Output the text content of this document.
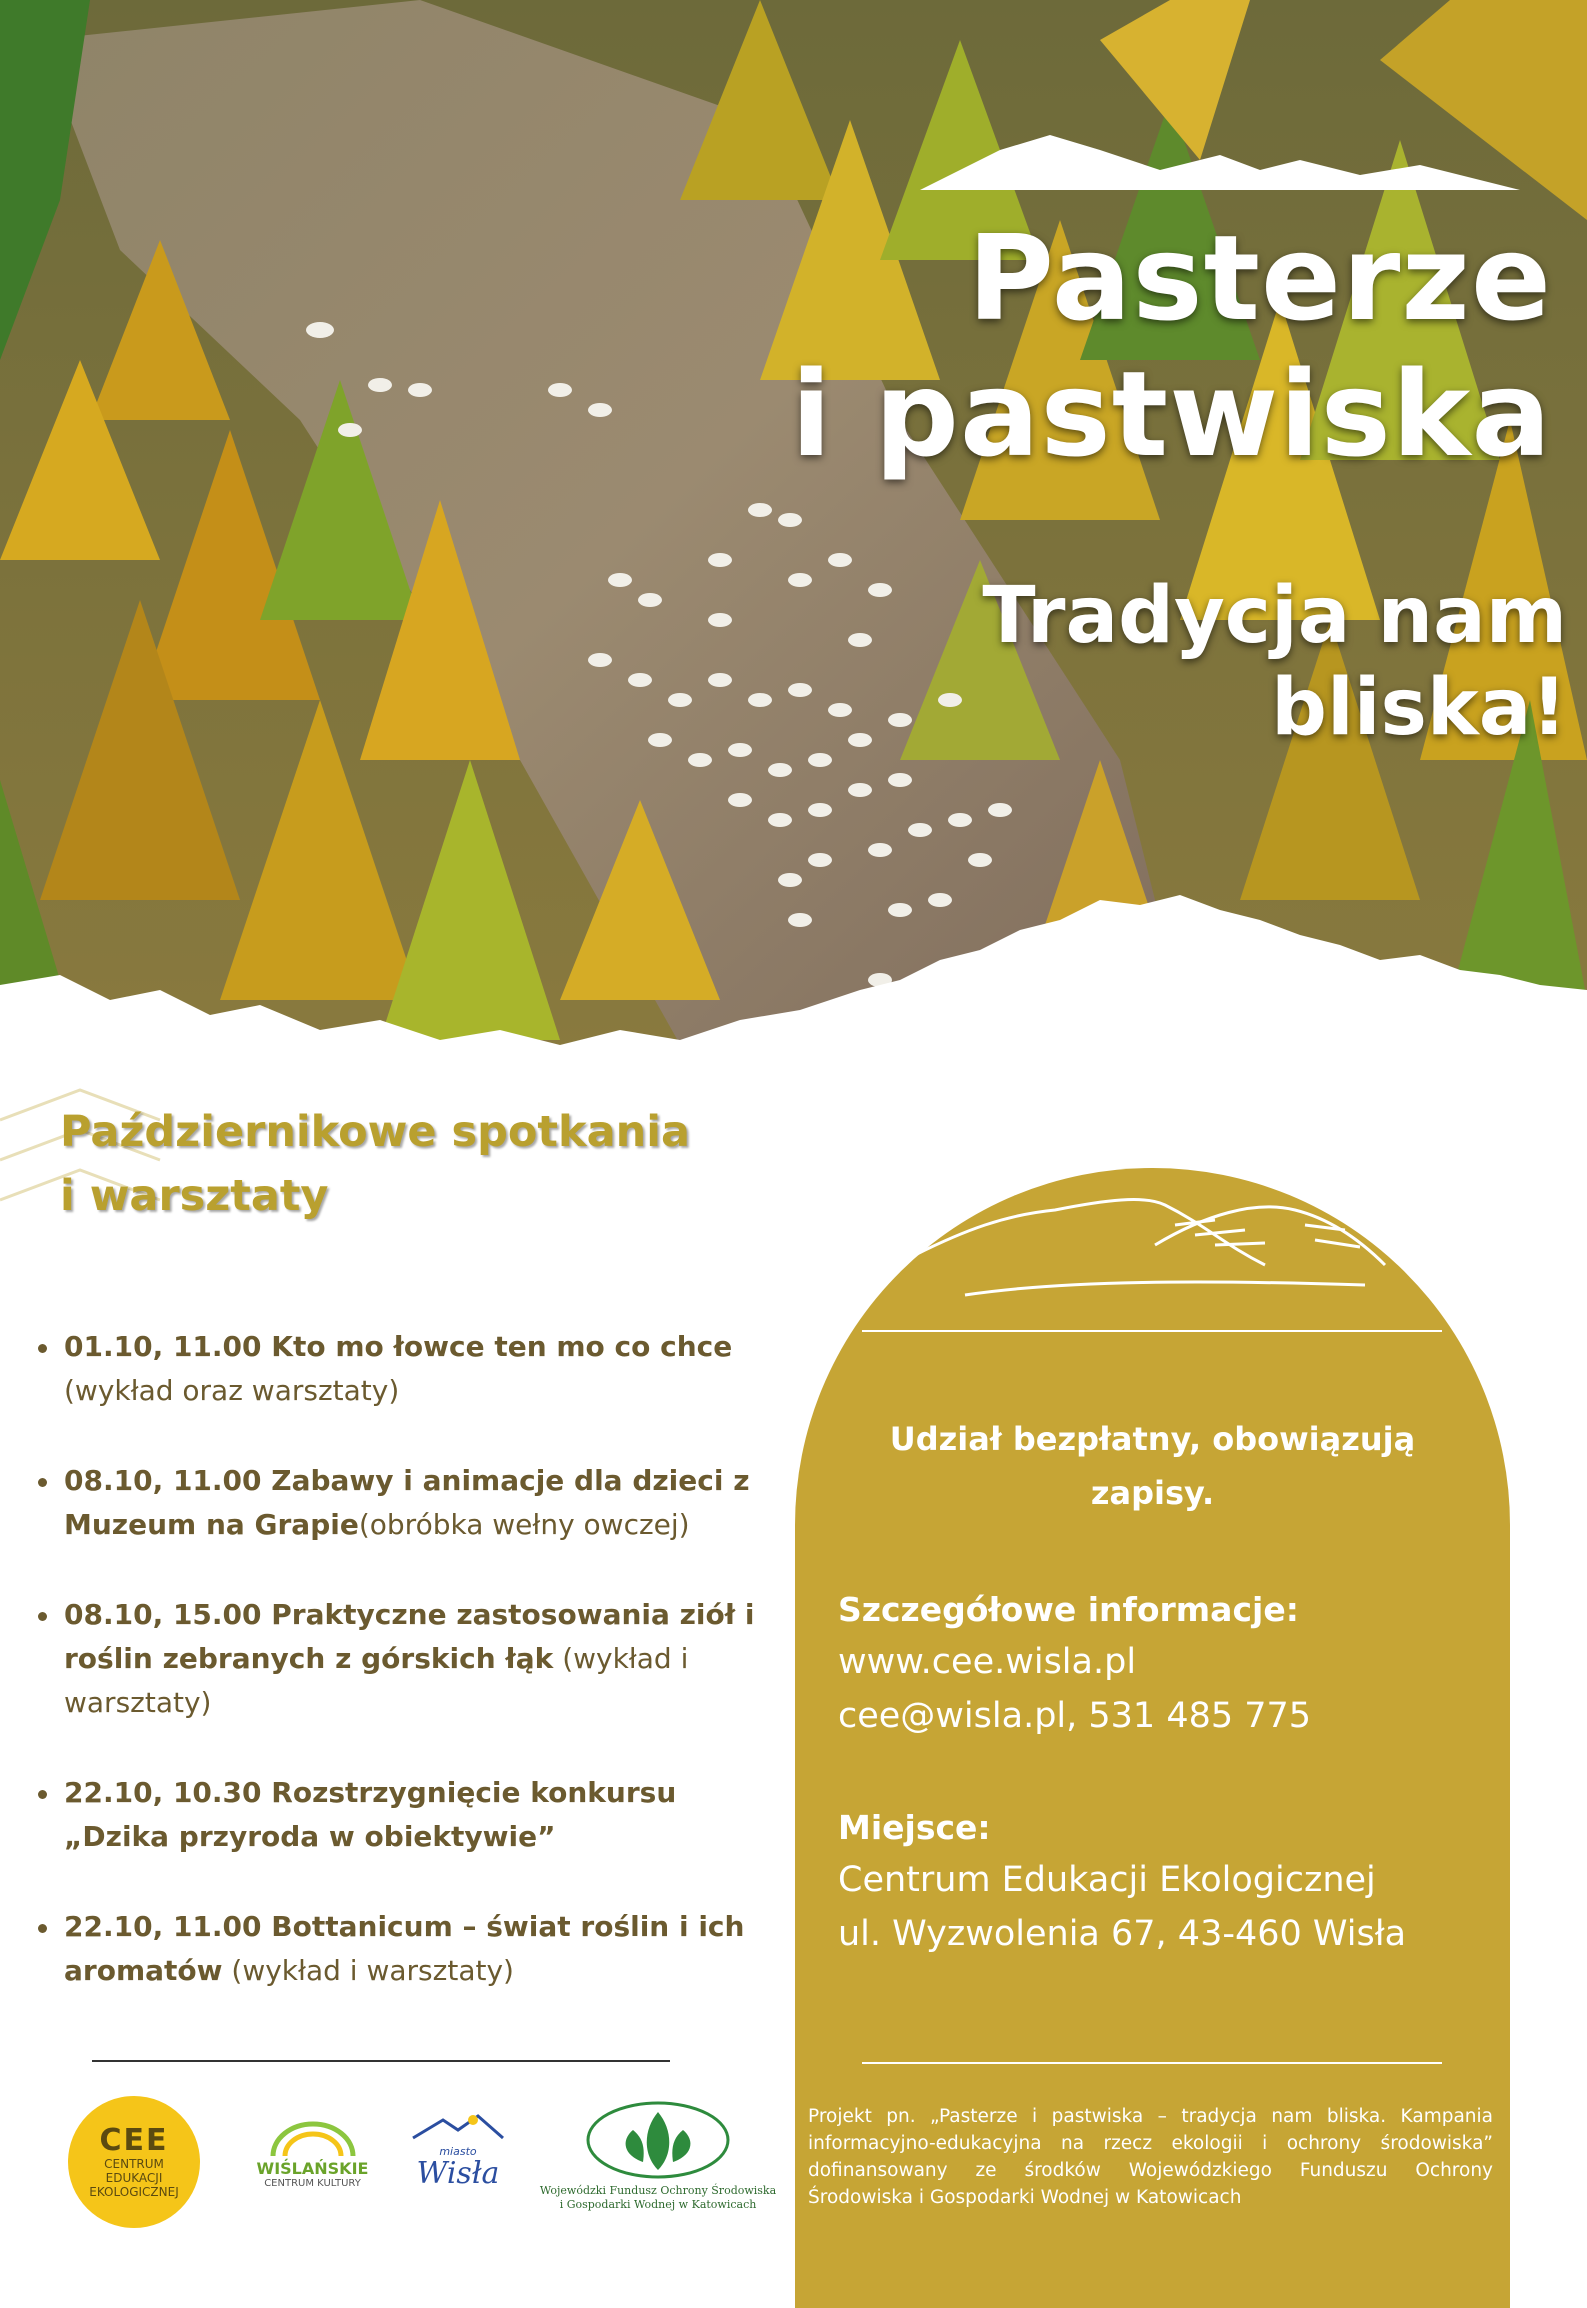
Pasterze
i pastwiska
Tradycja nam
bliska!
Październikowe spotkania
i warsztaty
01.10, 11.00 Kto mo łowce ten mo co chce (wykład oraz warsztaty)
08.10, 11.00 Zabawy i animacje dla dzieci z Muzeum na Grapie(obróbka wełny owczej)
08.10, 15.00 Praktyczne zastosowania ziół i roślin zebranych z górskich łąk (wykład i warsztaty)
22.10, 10.30 Rozstrzygnięcie konkursu „Dzika przyroda w obiektywie”
22.10, 11.00 Bottanicum – świat roślin i ich aromatów (wykład i warsztaty)
Udział bezpłatny, obowiązują
zapisy.
Szczegółowe informacje:
www.cee.wisla.pl
cee@wisla.pl, 531 485 775
Miejsce:
Centrum Edukacji Ekologicznej
ul. Wyzwolenia 67, 43-460 Wisła
Projekt pn. „Pasterze i pastwiska – tradycja nam bliska. Kampania informacyjno-edukacyjna na rzecz ekologii i ochrony środowiska” dofinansowany ze środków Wojewódzkiego Funduszu Ochrony Środowiska i Gospodarki Wodnej w Katowicach
CEE
CENTRUM EDUKACJI EKOLOGICZNEJ
WIŚLAŃSKIE
CENTRUM KULTURY
miasto
Wisła	Wojewódzki Fundusz Ochrony Środowiska
i Gospodarki Wodnej w Katowicach
